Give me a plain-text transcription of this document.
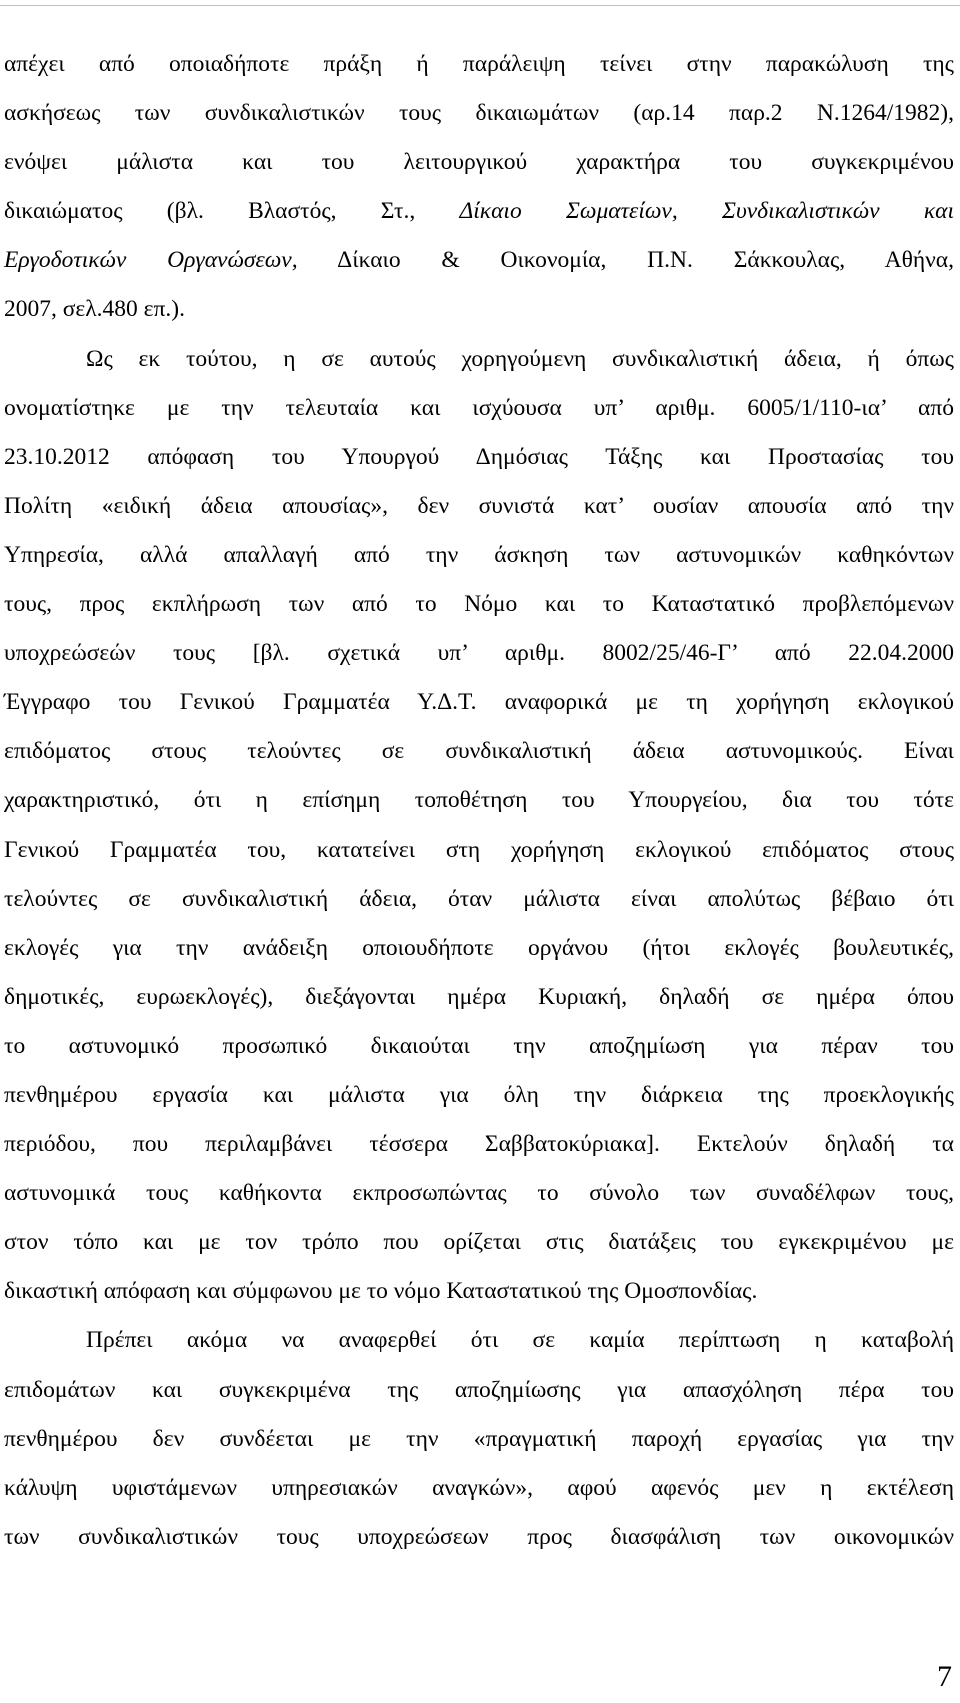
απέχει από οποιαδήποτε πράξη ή παράλειψη τείνει στην παρακώλυση της
ασκήσεως των συνδικαλιστικών τους δικαιωμάτων (αρ.14 παρ.2 Ν.1264/1982),
ενόψει μάλιστα και του λειτουργικού χαρακτήρα του συγκεκριμένου
δικαιώματος (βλ. Βλαστός, Στ., Δίκαιο Σωματείων, Συνδικαλιστικών και
Εργοδοτικών Οργανώσεων, Δίκαιο & Οικονομία, Π.Ν. Σάκκουλας, Αθήνα,
2007, σελ.480 επ.).

Ως εκ τούτου, η σε αυτούς χορηγούμενη συνδικαλιστική άδεια, ή όπως
ονοματίστηκε με την τελευταία και ισχύουσα υπ’ αριθμ. 6005/1/110-ια’ από
23.10.2012 απόφαση του Υπουργού Δημόσιας Τάξης και Προστασίας του
Πολίτη «ειδική άδεια απουσίας», δεν συνιστά κατ’ ουσίαν απουσία από την
Υπηρεσία, αλλά απαλλαγή από την άσκηση των αστυνομικών καθηκόντων
τους, προς εκπλήρωση των από το Νόμο και το Καταστατικό προβλεπόμενων
υποχρεώσεών τους [βλ. σχετικά υπ’ αριθμ. 8002/25/46-Γ’ από 22.04.2000
Έγγραφο του Γενικού Γραμματέα Υ.Δ.Τ. αναφορικά με τη χορήγηση εκλογικού
επιδόματος στους τελούντες σε συνδικαλιστική άδεια αστυνομικούς. Είναι
χαρακτηριστικό, ότι η επίσημη τοποθέτηση του Υπουργείου, δια του τότε
Γενικού Γραμματέα του, κατατείνει στη χορήγηση εκλογικού επιδόματος στους
τελούντες σε συνδικαλιστική άδεια, όταν μάλιστα είναι απολύτως βέβαιο ότι
εκλογές για την ανάδειξη οποιουδήποτε οργάνου (ήτοι εκλογές βουλευτικές,
δημοτικές, ευρωεκλογές), διεξάγονται ημέρα Κυριακή, δηλαδή σε ημέρα όπου
το αστυνομικό προσωπικό δικαιούται την αποζημίωση για πέραν του
πενθημέρου εργασία και μάλιστα για όλη την διάρκεια της προεκλογικής
περιόδου, που περιλαμβάνει τέσσερα Σαββατοκύριακα]. Εκτελούν δηλαδή τα
αστυνομικά τους καθήκοντα εκπροσωπώντας το σύνολο των συναδέλφων τους,
στον τόπο και με τον τρόπο που ορίζεται στις διατάξεις του εγκεκριμένου με
δικαστική απόφαση και σύμφωνου με το νόμο Καταστατικού της Ομοσπονδίας.

Πρέπει ακόμα να αναφερθεί ότι σε καμία περίπτωση η καταβολή
επιδομάτων και συγκεκριμένα της αποζημίωσης για απασχόληση πέρα του
πενθημέρου δεν συνδέεται με την «πραγματική παροχή εργασίας για την
κάλυψη υφιστάμενων υπηρεσιακών αναγκών», αφού αφενός μεν η εκτέλεση
των συνδικαλιστικών τους υποχρεώσεων προς διασφάλιση των οικονομικών

7
